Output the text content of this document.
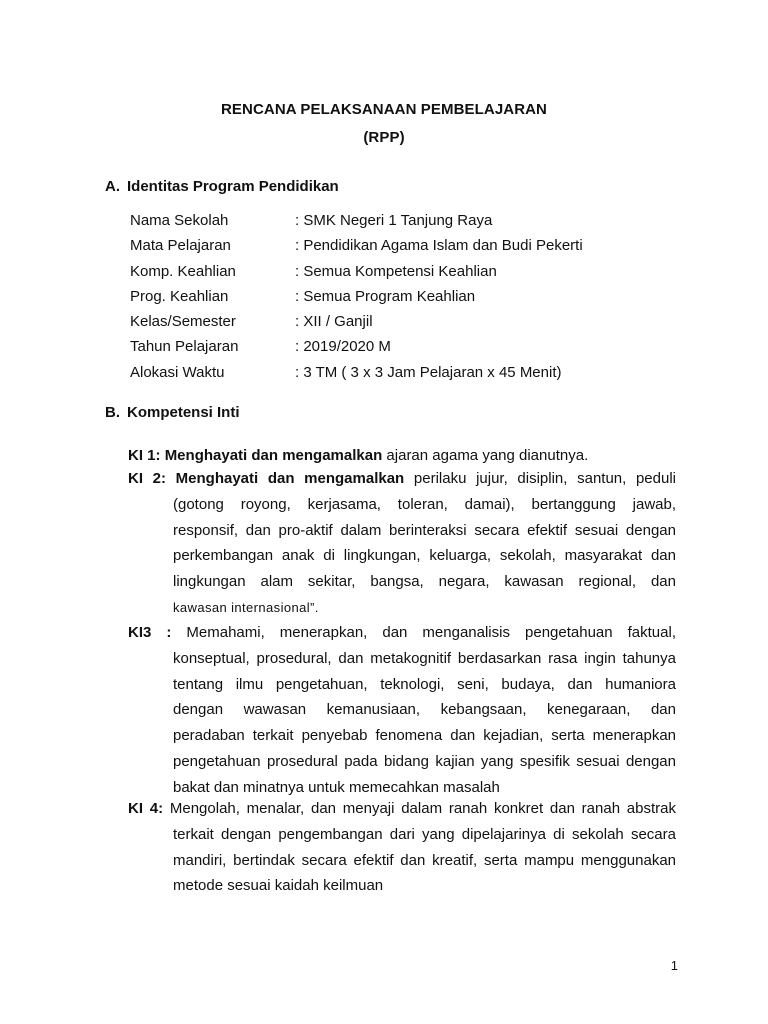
RENCANA PELAKSANAAN PEMBELAJARAN
(RPP)
A. Identitas Program Pendidikan
Nama Sekolah	: SMK Negeri 1 Tanjung Raya
Mata Pelajaran	: Pendidikan Agama Islam dan Budi Pekerti
Komp. Keahlian	: Semua Kompetensi Keahlian
Prog. Keahlian	: Semua Program Keahlian
Kelas/Semester	: XII / Ganjil
Tahun Pelajaran	: 2019/2020 M
Alokasi Waktu	: 3 TM ( 3 x 3 Jam Pelajaran x 45 Menit)
B. Kompetensi Inti
KI 1: Menghayati dan mengamalkan ajaran agama yang dianutnya.
KI 2: Menghayati dan mengamalkan perilaku jujur, disiplin, santun, peduli
(gotong royong, kerjasama, toleran, damai), bertanggung jawab,
responsif, dan pro-aktif dalam berinteraksi secara efektif sesuai dengan
perkembangan anak di lingkungan, keluarga, sekolah, masyarakat dan
lingkungan alam sekitar, bangsa, negara, kawasan regional, dan
kawasan internasional”.
KI3 : Memahami, menerapkan, dan menganalisis pengetahuan faktual,
konseptual, prosedural, dan metakognitif berdasarkan rasa ingin tahunya
tentang ilmu pengetahuan, teknologi, seni, budaya, dan humaniora
dengan wawasan kemanusiaan, kebangsaan, kenegaraan, dan
peradaban terkait penyebab fenomena dan kejadian, serta menerapkan
pengetahuan prosedural pada bidang kajian yang spesifik sesuai dengan
bakat dan minatnya untuk memecahkan masalah
KI 4: Mengolah, menalar, dan menyaji dalam ranah konkret dan ranah abstrak
terkait dengan pengembangan dari yang dipelajarinya di sekolah secara
mandiri, bertindak secara efektif dan kreatif, serta mampu menggunakan
metode sesuai kaidah keilmuan
1
